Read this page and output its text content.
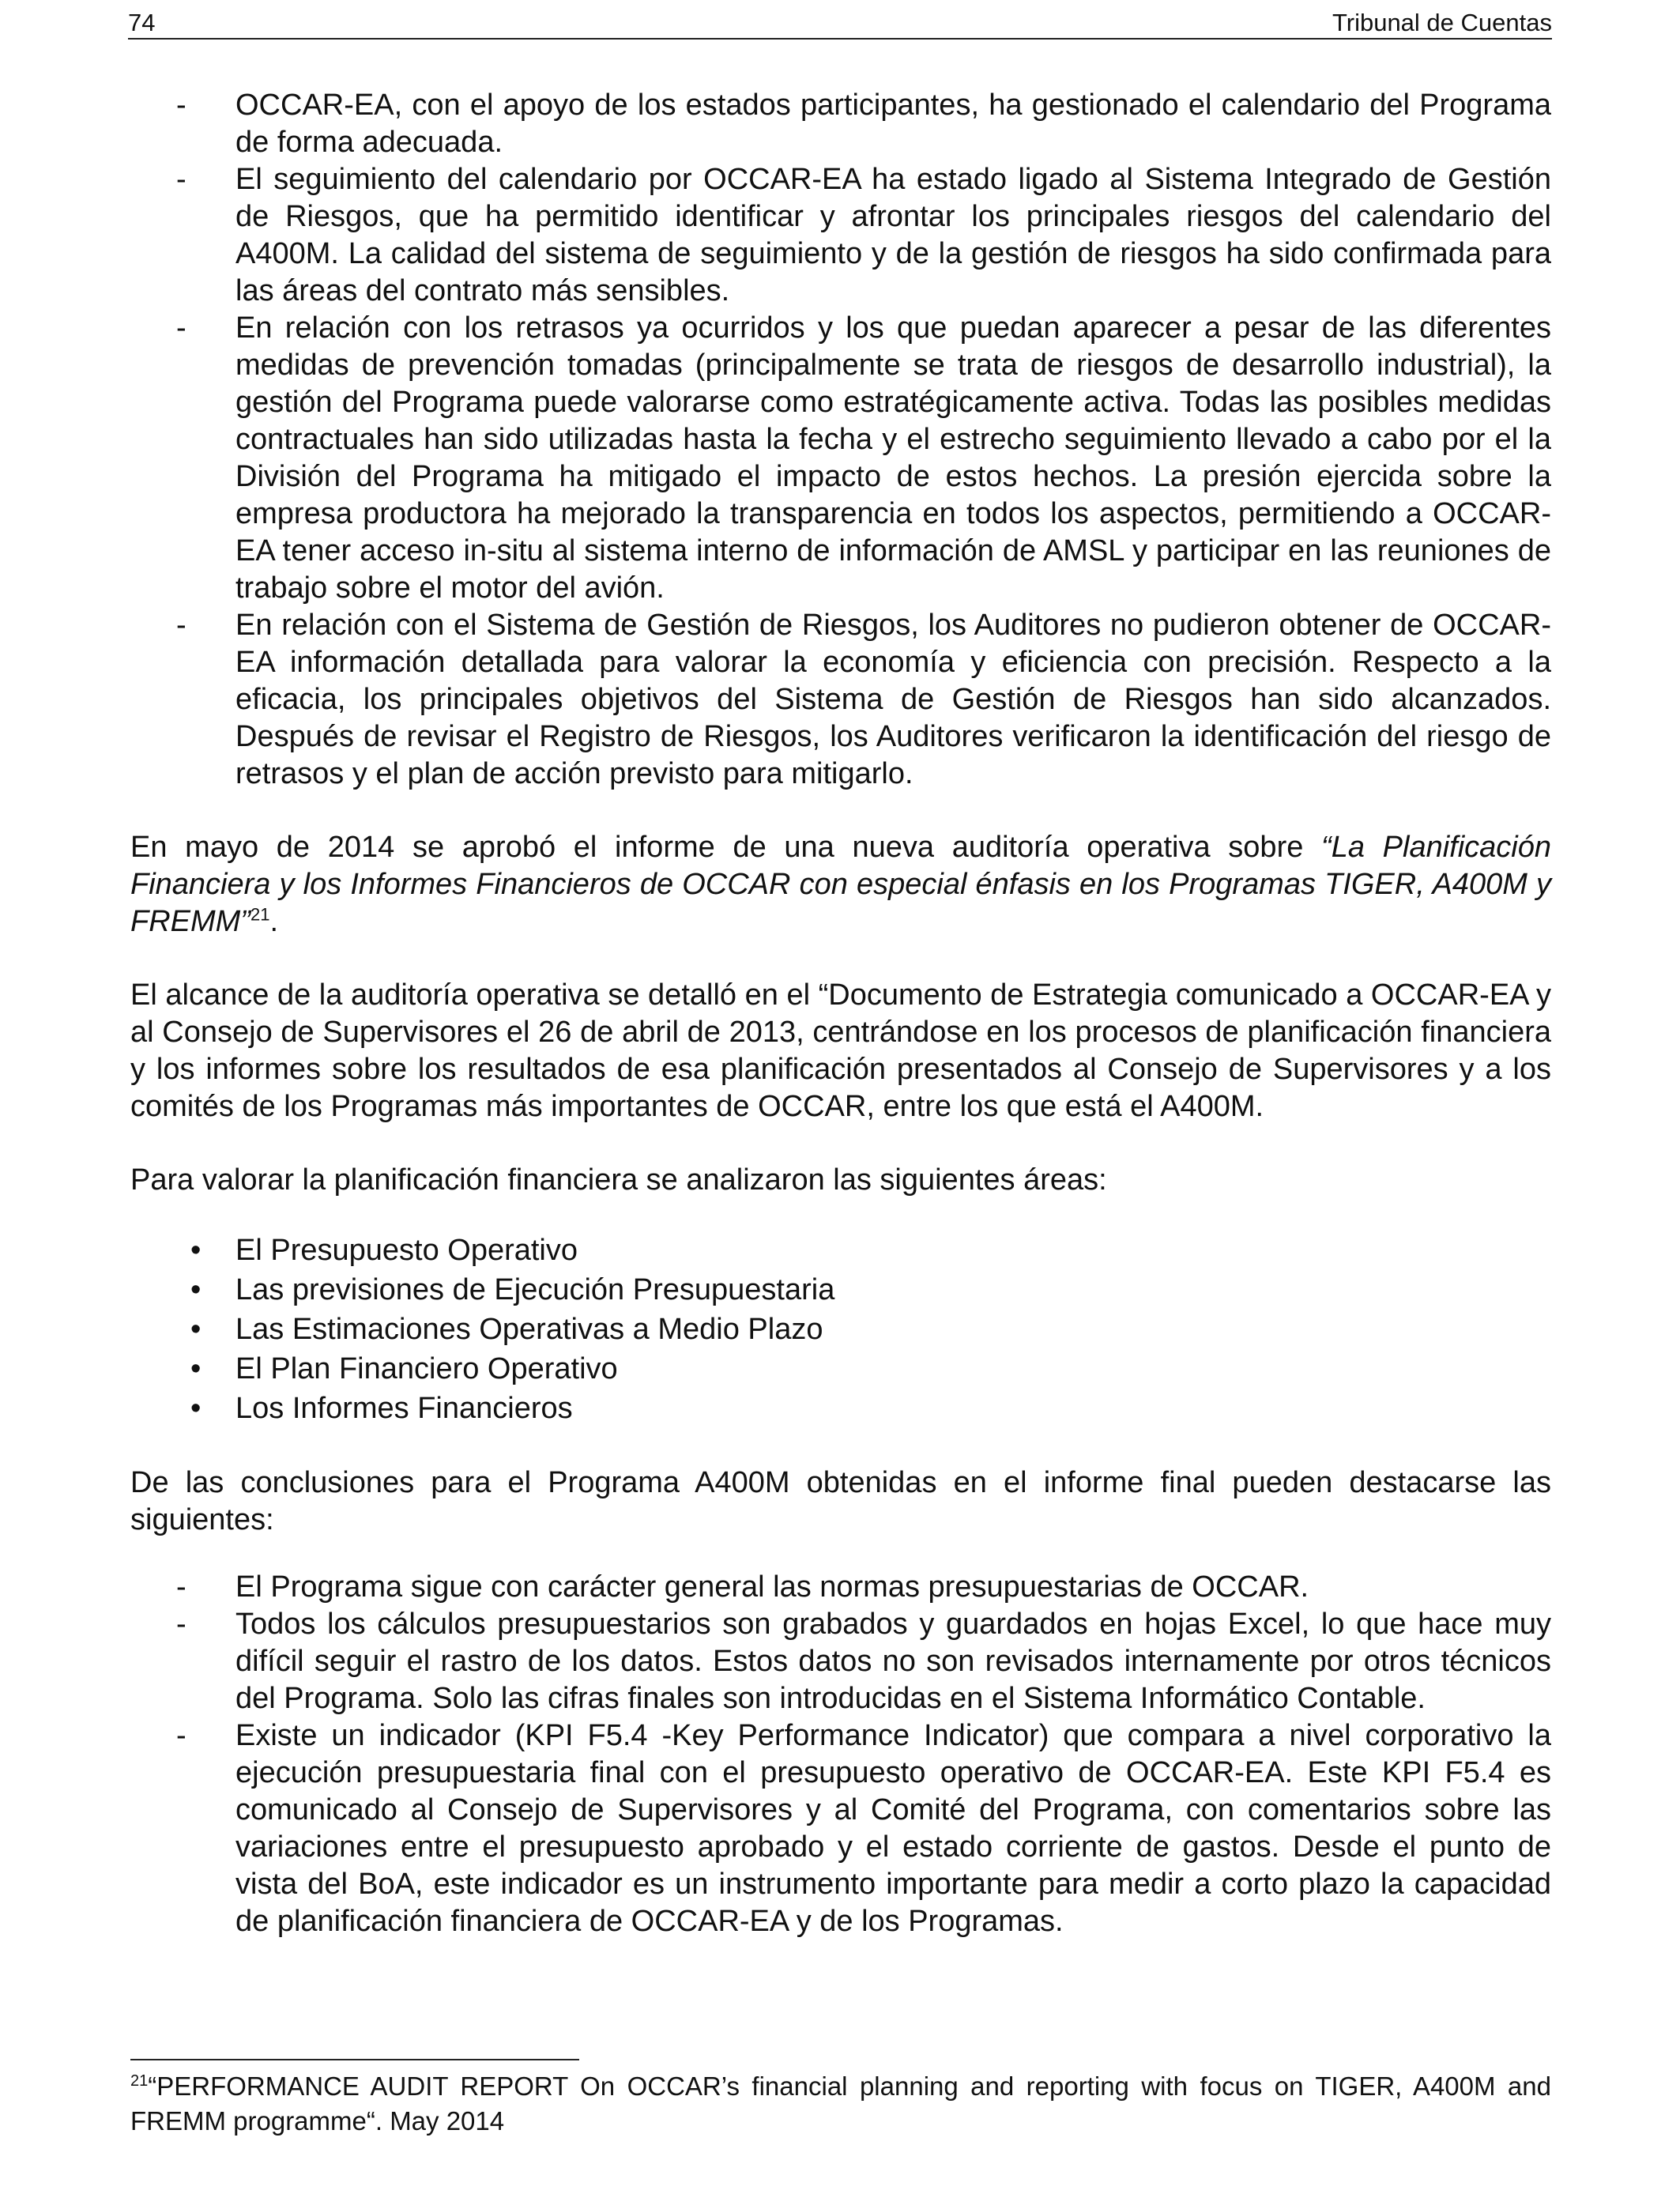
74	Tribunal de Cuentas
- OCCAR-EA, con el apoyo de los estados participantes, ha gestionado el calendario del Programa de forma adecuada.
- El seguimiento del calendario por OCCAR-EA ha estado ligado al Sistema Integrado de Gestión de Riesgos, que ha permitido identificar y afrontar los principales riesgos del calendario del A400M. La calidad del sistema de seguimiento y de la gestión de riesgos ha sido confirmada para las áreas del contrato más sensibles.
- En relación con los retrasos ya ocurridos y los que puedan aparecer a pesar de las diferentes medidas de prevención tomadas (principalmente se trata de riesgos de desarrollo industrial), la gestión del Programa puede valorarse como estratégicamente activa. Todas las posibles medidas contractuales han sido utilizadas hasta la fecha y el estrecho seguimiento llevado a cabo por el la División del Programa ha mitigado el impacto de estos hechos. La presión ejercida sobre la empresa productora ha mejorado la transparencia en todos los aspectos, permitiendo a OCCAR-EA tener acceso in-situ al sistema interno de información de AMSL y participar en las reuniones de trabajo sobre el motor del avión.
- En relación con el Sistema de Gestión de Riesgos, los Auditores no pudieron obtener de OCCAR-EA información detallada para valorar la economía y eficiencia con precisión. Respecto a la eficacia, los principales objetivos del Sistema de Gestión de Riesgos han sido alcanzados. Después de revisar el Registro de Riesgos, los Auditores verificaron la identificación del riesgo de retrasos y el plan de acción previsto para mitigarlo.

En mayo de 2014 se aprobó el informe de una nueva auditoría operativa sobre “La Planificación Financiera y los Informes Financieros de OCCAR con especial énfasis en los Programas TIGER, A400M y FREMM”$^{21}$.

El alcance de la auditoría operativa se detalló en el “Documento de Estrategia comunicado a OCCAR-EA y al Consejo de Supervisores el 26 de abril de 2013, centrándose en los procesos de planificación financiera y los informes sobre los resultados de esa planificación presentados al Consejo de Supervisores y a los comités de los Programas más importantes de OCCAR, entre los que está el A400M.

Para valorar la planificación financiera se analizaron las siguientes áreas:

• El Presupuesto Operativo
• Las previsiones de Ejecución Presupuestaria
• Las Estimaciones Operativas a Medio Plazo
• El Plan Financiero Operativo
• Los Informes Financieros

De las conclusiones para el Programa A400M obtenidas en el informe final pueden destacarse las siguientes:

- El Programa sigue con carácter general las normas presupuestarias de OCCAR.
- Todos los cálculos presupuestarios son grabados y guardados en hojas Excel, lo que hace muy difícil seguir el rastro de los datos. Estos datos no son revisados internamente por otros técnicos del Programa. Solo las cifras finales son introducidas en el Sistema Informático Contable.
- Existe un indicador (KPI F5.4 -Key Performance Indicator) que compara a nivel corporativo la ejecución presupuestaria final con el presupuesto operativo de OCCAR-EA. Este KPI F5.4 es comunicado al Consejo de Supervisores y al Comité del Programa, con comentarios sobre las variaciones entre el presupuesto aprobado y el estado corriente de gastos. Desde el punto de vista del BoA, este indicador es un instrumento importante para medir a corto plazo la capacidad de planificación financiera de OCCAR-EA y de los Programas.
$^{21}$“PERFORMANCE AUDIT REPORT On OCCAR’s financial planning and reporting with focus on TIGER, A400M and FREMM programme“. May 2014
